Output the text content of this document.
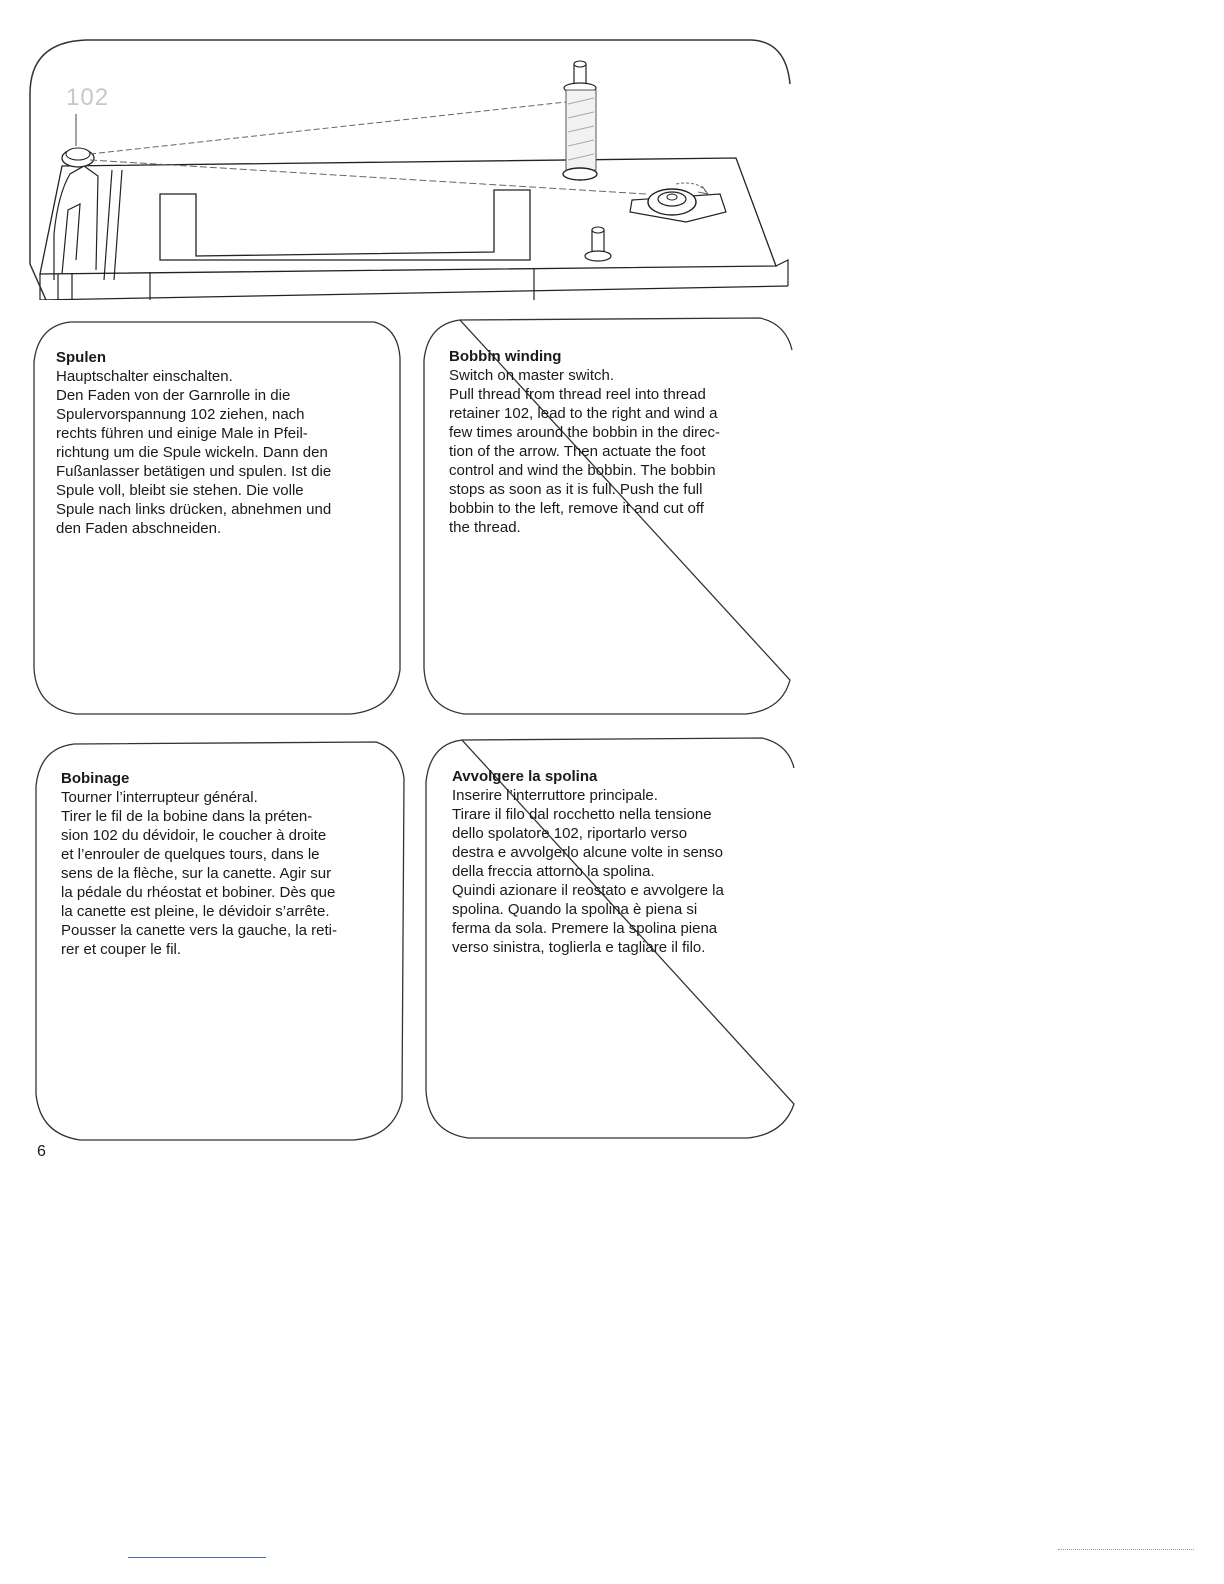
102
Spulen

Hauptschalter einschalten.

Den Faden von der Garnrolle in die

Spulervorspannung 102 ziehen, nach

rechts führen und einige Male in Pfeil-

richtung um die Spule wickeln. Dann den

Fußanlasser betätigen und spulen. Ist die

Spule voll, bleibt sie stehen. Die volle

Spule nach links drücken, abnehmen und

den Faden abschneiden.

Bobbin winding

Switch on master switch.

Pull thread from thread reel into thread

retainer 102, lead to the right and wind a

few times around the bobbin in the direc-

tion of the arrow. Then actuate the foot

control and wind the bobbin. The bobbin

stops as soon as it is full. Push the full

bobbin to the left, remove it and cut off

the thread.

Bobinage

Tourner l’interrupteur général.

Tirer le fil de la bobine dans la préten-

sion 102 du dévidoir, le coucher à droite

et l’enrouler de quelques tours, dans le

sens de la flèche, sur la canette. Agir sur

la pédale du rhéostat et bobiner. Dès que

la canette est pleine, le dévidoir s’arrête.

Pousser la canette vers la gauche, la reti-

rer et couper le fil.

Avvolgere la spolina

Inserire l’interruttore principale.

Tirare il filo dal rocchetto nella tensione

dello spolatore 102, riportarlo verso

destra e avvolgerlo alcune volte in senso

della freccia attorno la spolina.

Quindi azionare il reostato e avvolgere la

spolina. Quando la spolina è piena si

ferma da sola. Premere la spolina piena

verso sinistra, toglierla e tagliare il filo.

6
